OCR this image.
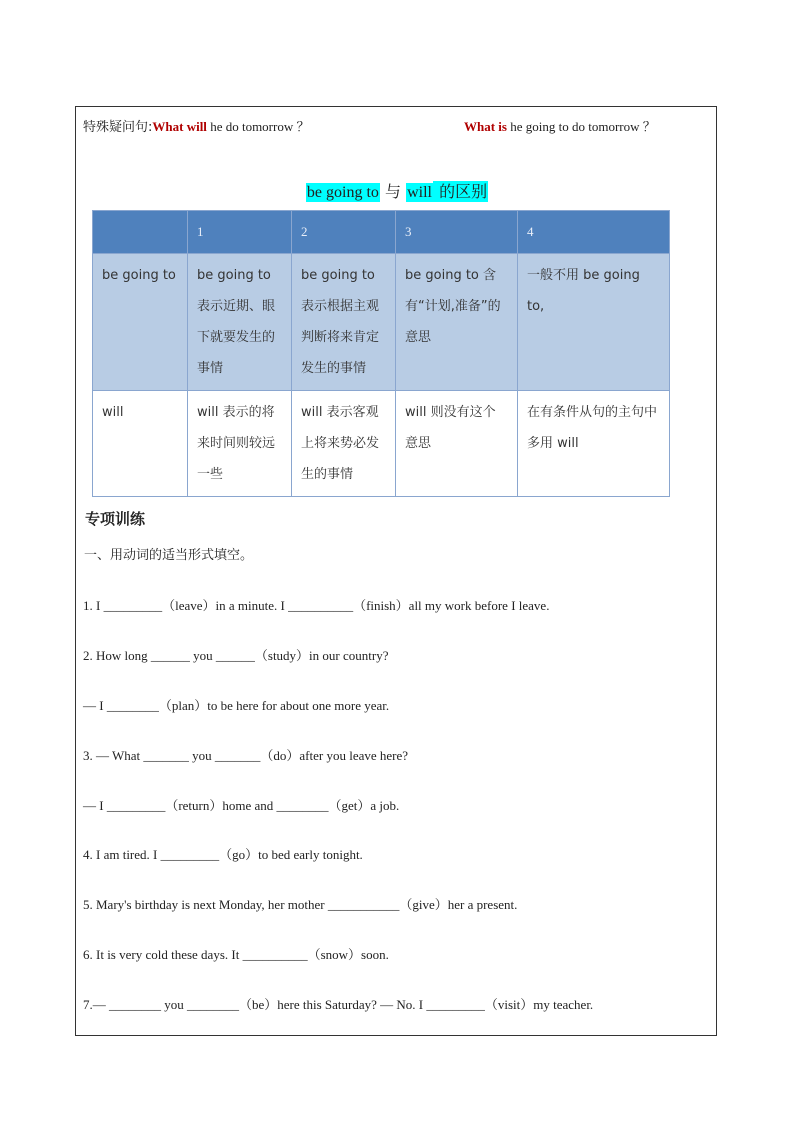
特殊疑问句:What will he do tomorrow ？	What is he going to do tomorrow ？
be going to 与 will 的区别
	1	2	3	4
be going to	be going to 表示近期、眼下就要发生的事情	be going to 表示根据主观判断将来肯定发生的事情	be going to 含有“计划,准备”的意思	一般不用 be going to,
will	will 表示的将来时间则较远一些	will 表示客观上将来势必发生的事情	will 则没有这个意思	在有条件从句的主句中多用 will
专项训练
一、用动词的适当形式填空。
1. I _________（leave）in a minute. I __________（finish）all my work before I leave.
2. How long ______ you ______（study）in our country?
— I ________（plan）to be here for about one more year.
3. — What _______ you _______（do）after you leave here?
— I _________（return）home and ________（get）a job.
4. I am tired. I _________（go）to bed early tonight.
5. Mary's birthday is next Monday, her mother ___________（give）her a present.
6. It is very cold these days. It __________（snow）soon.
7.— ________ you ________（be）here this Saturday? — No. I _________（visit）my teacher.
